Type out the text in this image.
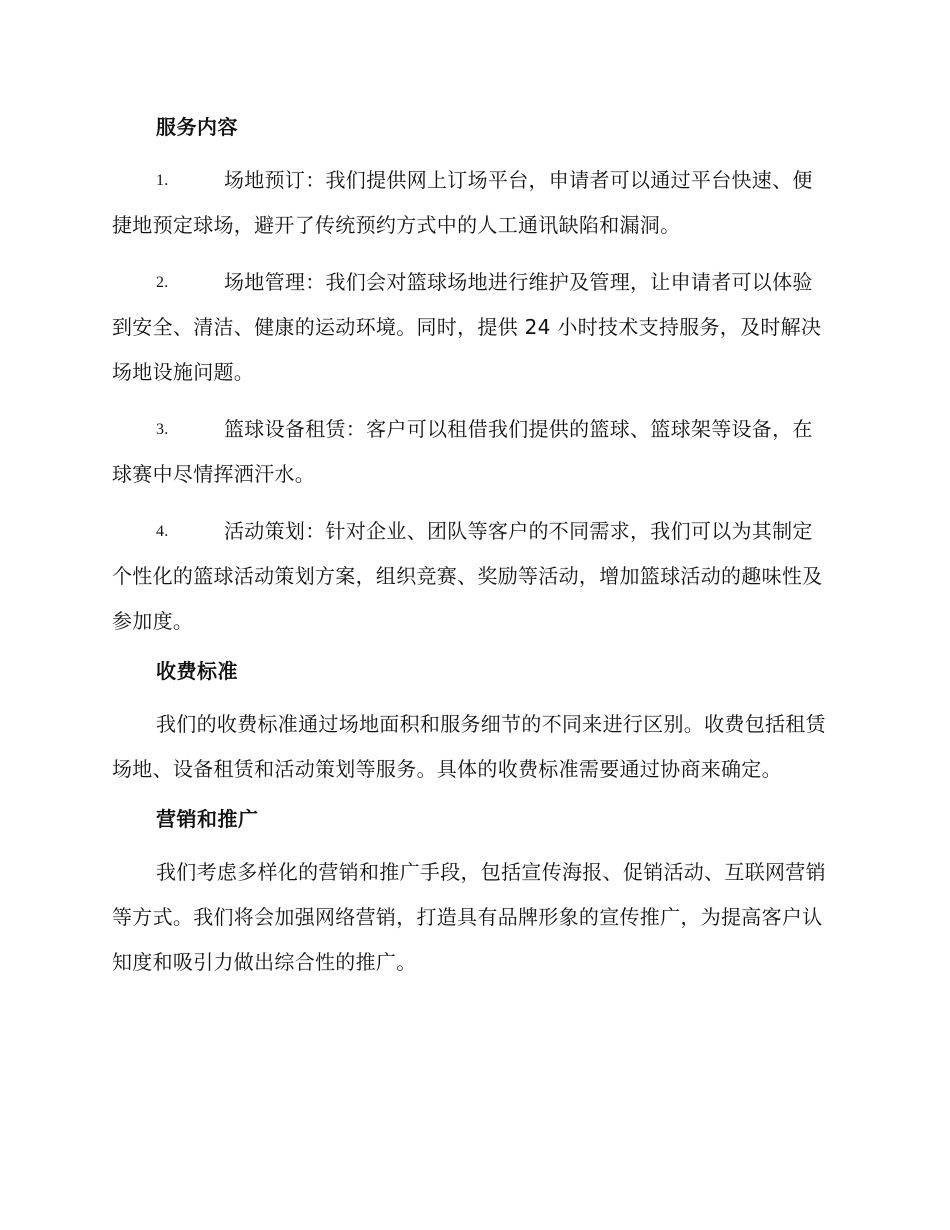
服务内容
1.	场地预订：我们提供网上订场平台，申请者可以通过平台快速、便捷地预定球场，避开了传统预约方式中的人工通讯缺陷和漏洞。
2.	场地管理：我们会对篮球场地进行维护及管理，让申请者可以体验到安全、清洁、健康的运动环境。同时，提供 24 小时技术支持服务，及时解决场地设施问题。
3.	篮球设备租赁：客户可以租借我们提供的篮球、篮球架等设备，在球赛中尽情挥洒汗水。
4.	活动策划：针对企业、团队等客户的不同需求，我们可以为其制定个性化的篮球活动策划方案，组织竞赛、奖励等活动，增加篮球活动的趣味性及参加度。
收费标准
我们的收费标准通过场地面积和服务细节的不同来进行区别。收费包括租赁场地、设备租赁和活动策划等服务。具体的收费标准需要通过协商来确定。
营销和推广
我们考虑多样化的营销和推广手段，包括宣传海报、促销活动、互联网营销等方式。我们将会加强网络营销，打造具有品牌形象的宣传推广，为提高客户认知度和吸引力做出综合性的推广。
